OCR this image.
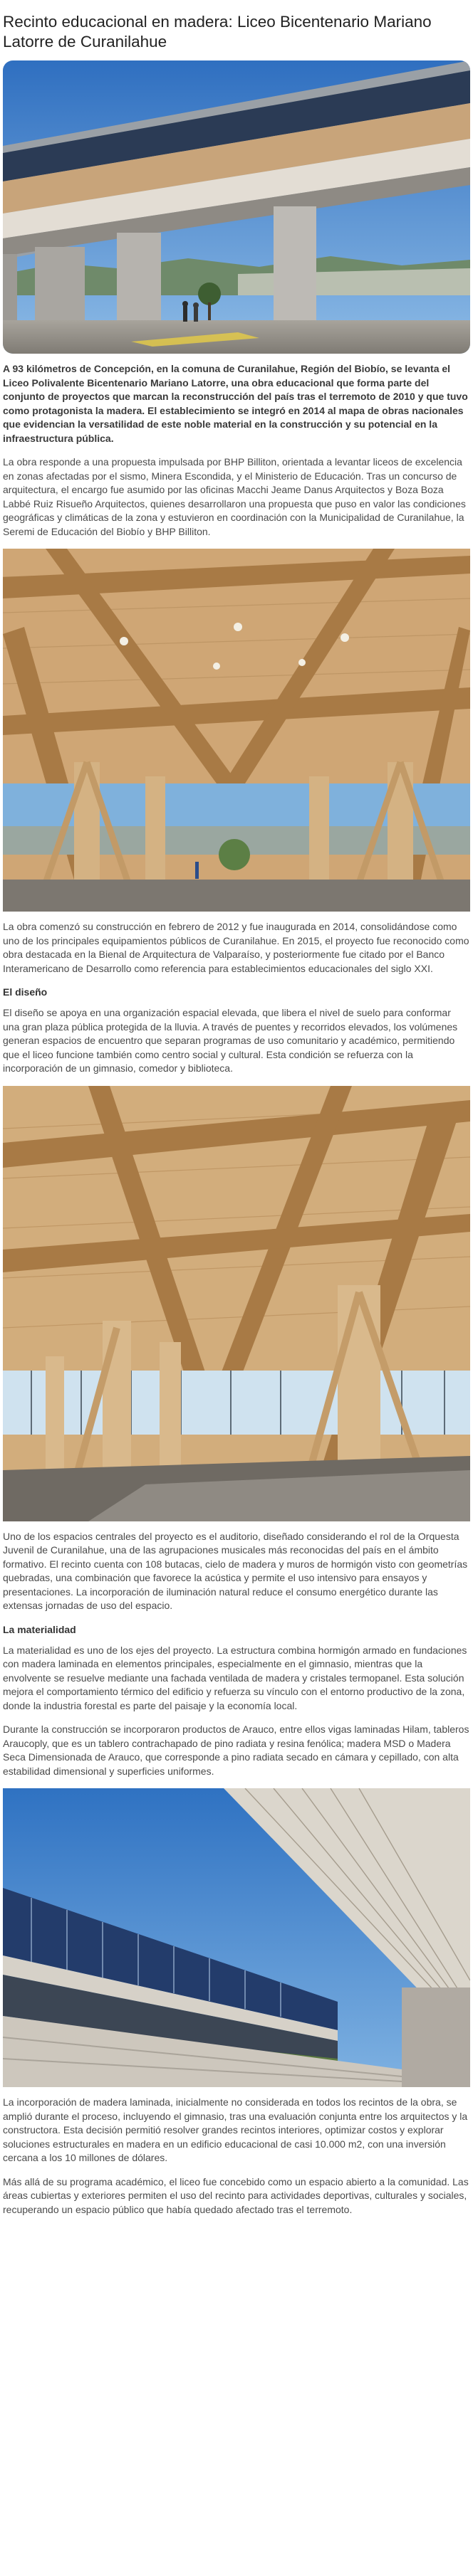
Recinto educacional en madera: Liceo Bicentenario Mariano Latorre de Curanilahue

A 93 kilómetros de Concepción, en la comuna de Curanilahue, Región del Biobío, se levanta el Liceo Polivalente Bicentenario Mariano Latorre, una obra educacional que forma parte del conjunto de proyectos que marcan la reconstrucción del país tras el terremoto de 2010 y que tuvo como protagonista la madera. El establecimiento se integró en 2014 al mapa de obras nacionales que evidencian la versatilidad de este noble material en la construcción y su potencial en la infraestructura pública.

La obra responde a una propuesta impulsada por BHP Billiton, orientada a levantar liceos de excelencia en zonas afectadas por el sismo, Minera Escondida, y el Ministerio de Educación. Tras un concurso de arquitectura, el encargo fue asumido por las oficinas Macchi Jeame Danus Arquitectos y Boza Boza Labbé Ruiz Risueño Arquitectos, quienes desarrollaron una propuesta que puso en valor las condiciones geográficas y climáticas de la zona y estuvieron en coordinación con la Municipalidad de Curanilahue, la Seremi de Educación del Biobío y BHP Billiton.

La obra comenzó su construcción en febrero de 2012 y fue inaugurada en 2014, consolidándose como uno de los principales equipamientos públicos de Curanilahue. En 2015, el proyecto fue reconocido como obra destacada en la Bienal de Arquitectura de Valparaíso, y posteriormente fue citado por el Banco Interamericano de Desarrollo como referencia para establecimientos educacionales del siglo XXI.

El diseño

El diseño se apoya en una organización espacial elevada, que libera el nivel de suelo para conformar una gran plaza pública protegida de la lluvia. A través de puentes y recorridos elevados, los volúmenes generan espacios de encuentro que separan programas de uso comunitario y académico, permitiendo que el liceo funcione también como centro social y cultural. Esta condición se refuerza con la incorporación de un gimnasio, comedor y biblioteca.

Uno de los espacios centrales del proyecto es el auditorio, diseñado considerando el rol de la Orquesta Juvenil de Curanilahue, una de las agrupaciones musicales más reconocidas del país en el ámbito formativo. El recinto cuenta con 108 butacas, cielo de madera y muros de hormigón visto con geometrías quebradas, una combinación que favorece la acústica y permite el uso intensivo para ensayos y presentaciones. La incorporación de iluminación natural reduce el consumo energético durante las extensas jornadas de uso del espacio.

La materialidad

La materialidad es uno de los ejes del proyecto. La estructura combina hormigón armado en fundaciones con madera laminada en elementos principales, especialmente en el gimnasio, mientras que la envolvente se resuelve mediante una fachada ventilada de madera y cristales termopanel. Esta solución mejora el comportamiento térmico del edificio y refuerza su vínculo con el entorno productivo de la zona, donde la industria forestal es parte del paisaje y la economía local.

Durante la construcción se incorporaron productos de Arauco, entre ellos vigas laminadas Hilam, tableros Araucoply, que es un tablero contrachapado de pino radiata y resina fenólica; madera MSD o Madera Seca Dimensionada de Arauco, que corresponde a pino radiata secado en cámara y cepillado, con alta estabilidad dimensional y superficies uniformes.

La incorporación de madera laminada, inicialmente no considerada en todos los recintos de la obra, se amplió durante el proceso, incluyendo el gimnasio, tras una evaluación conjunta entre los arquitectos y la constructora. Esta decisión permitió resolver grandes recintos interiores, optimizar costos y explorar soluciones estructurales en madera en un edificio educacional de casi 10.000 m2, con una inversión cercana a los 10 millones de dólares.

Más allá de su programa académico, el liceo fue concebido como un espacio abierto a la comunidad. Las áreas cubiertas y exteriores permiten el uso del recinto para actividades deportivas, culturales y sociales, recuperando un espacio público que había quedado afectado tras el terremoto.
